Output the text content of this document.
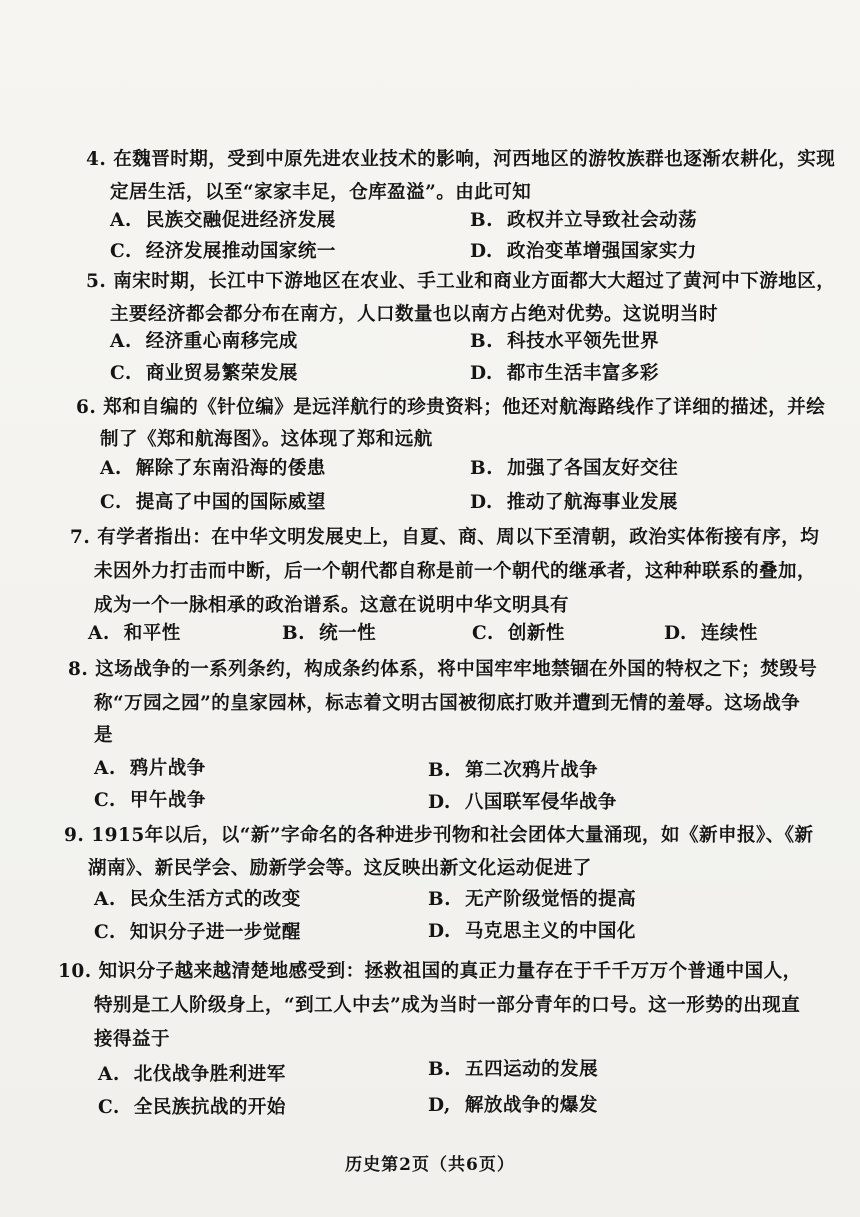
4. 在魏晋时期，受到中原先进农业技术的影响，河西地区的游牧族群也逐渐农耕化，实现
定居生活，以至“家家丰足，仓库盈溢”。由此可知
A. 民族交融促进经济发展	B. 政权并立导致社会动荡
C. 经济发展推动国家统一	D. 政治变革增强国家实力
5. 南宋时期，长江中下游地区在农业、手工业和商业方面都大大超过了黄河中下游地区，
主要经济都会都分布在南方，人口数量也以南方占绝对优势。这说明当时
A. 经济重心南移完成	B. 科技水平领先世界
C. 商业贸易繁荣发展	D. 都市生活丰富多彩
6. 郑和自编的《针位编》是远洋航行的珍贵资料；他还对航海路线作了详细的描述，并绘
制了《郑和航海图》。这体现了郑和远航
A. 解除了东南沿海的倭患	B. 加强了各国友好交往
C. 提高了中国的国际威望	D. 推动了航海事业发展
7. 有学者指出：在中华文明发展史上，自夏、商、周以下至清朝，政治实体衔接有序，均
未因外力打击而中断，后一个朝代都自称是前一个朝代的继承者，这种种联系的叠加，
成为一个一脉相承的政治谱系。这意在说明中华文明具有
A. 和平性	B. 统一性	C. 创新性	D. 连续性
8. 这场战争的一系列条约，构成条约体系，将中国牢牢地禁锢在外国的特权之下；焚毁号
称“万园之园”的皇家园林，标志着文明古国被彻底打败并遭到无情的羞辱。这场战争
是
A. 鸦片战争	B. 第二次鸦片战争
C. 甲午战争	D. 八国联军侵华战争
9. 1915年以后，以“新”字命名的各种进步刊物和社会团体大量涌现，如《新申报》、《新
湖南》、新民学会、励新学会等。这反映出新文化运动促进了
A. 民众生活方式的改变	B. 无产阶级觉悟的提高
C. 知识分子进一步觉醒	D. 马克思主义的中国化
10. 知识分子越来越清楚地感受到：拯救祖国的真正力量存在于千千万万个普通中国人，
特别是工人阶级身上，“到工人中去”成为当时一部分青年的口号。这一形势的出现直
接得益于
A. 北伐战争胜利进军	B. 五四运动的发展
C. 全民族抗战的开始	D, 解放战争的爆发
历史第2页（共6页）
